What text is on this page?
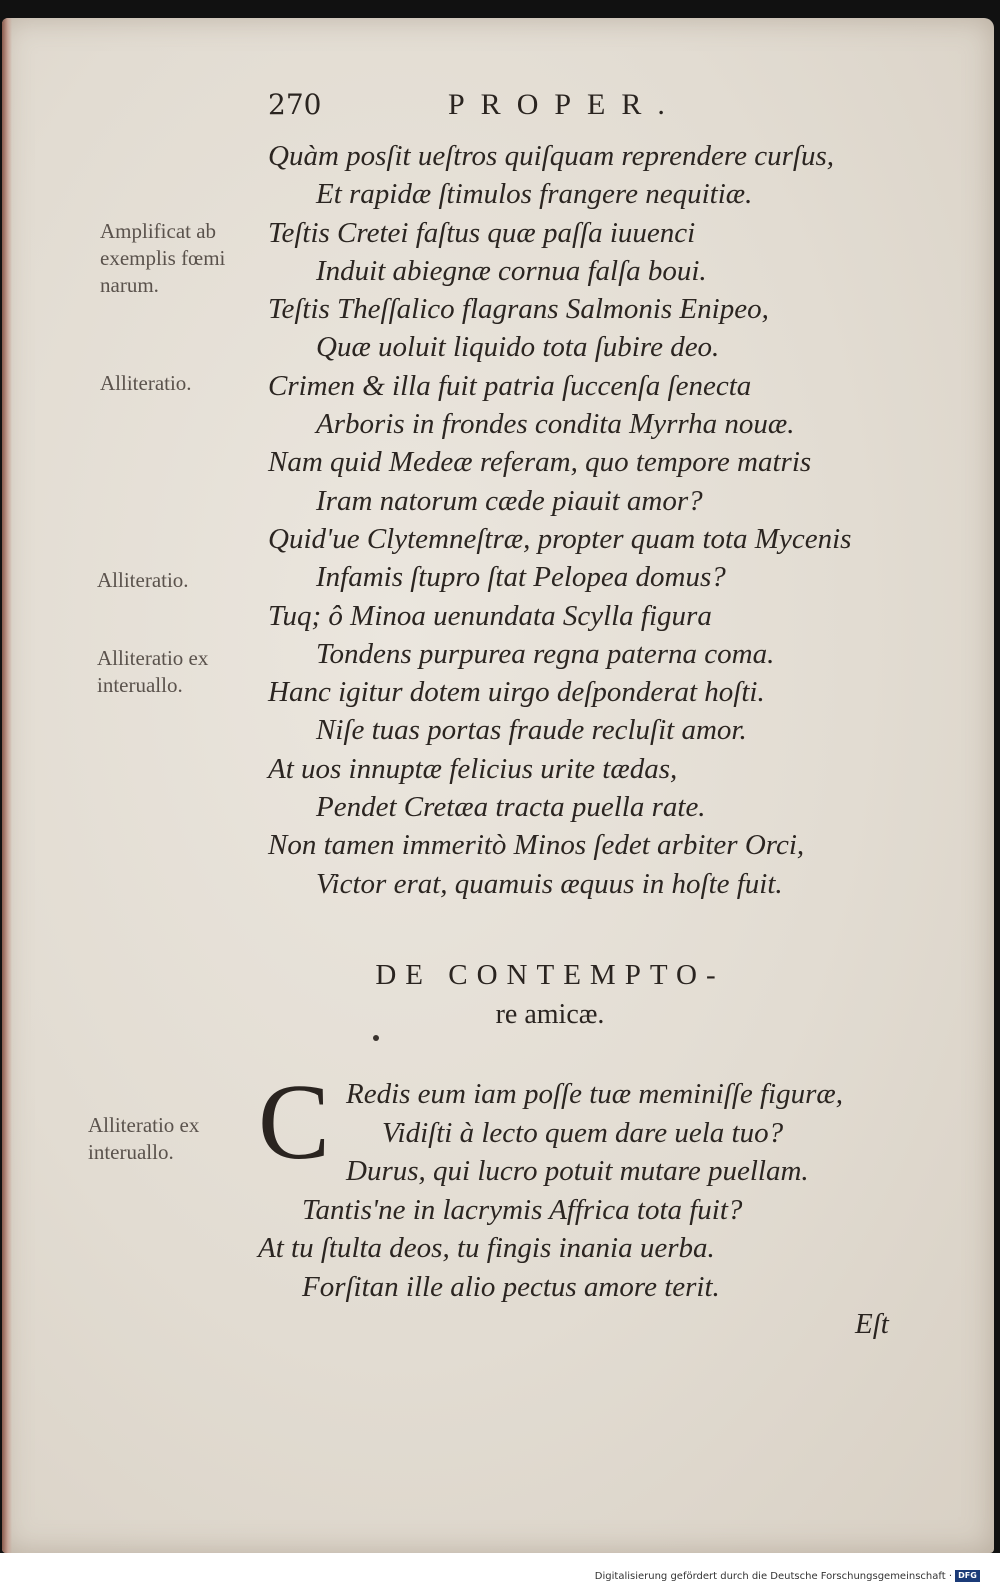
270	PROPER.
Amplificat ab exemplis fœmi narum.
Alliteratio.
Alliteratio.
Alliteratio ex interuallo.
Alliteratio ex interuallo.
Quàm posſit ueſtros quiſquam reprendere curſus,
Et rapidæ ſtimulos frangere nequitiæ.
Teſtis Cretei faſtus quæ paſſa iuuenci
Induit abiegnæ cornua falſa boui.
Teſtis Theſſalico flagrans Salmonis Enipeo,
Quæ uoluit liquido tota ſubire deo.
Crimen & illa fuit patria ſuccenſa ſenecta
Arboris in frondes condita Myrrha nouæ.
Nam quid Medeæ referam, quo tempore matris
Iram natorum cæde piauit amor?
Quid'ue Clytemneſtræ, propter quam tota Mycenis
Infamis ſtupro ſtat Pelopea domus?
Tuq; ô Minoa uenundata Scylla figura
Tondens purpurea regna paterna coma.
Hanc igitur dotem uirgo deſponderat hoſti.
Niſe tuas portas fraude recluſit amor.
At uos innuptæ felicius urite tædas,
Pendet Cretæa tracta puella rate.
Non tamen immeritò Minos ſedet arbiter Orci,
Victor erat, quamuis æquus in hoſte fuit.
DE CONTEMPTO-
re amicæ.
C Redis eum iam poſſe tuæ meminiſſe figuræ,
Vidiſti à lecto quem dare uela tuo?
Durus, qui lucro potuit mutare puellam.
Tantis'ne in lacrymis Affrica tota fuit?
At tu ſtulta deos, tu fingis inania uerba.
Forſitan ille alio pectus amore terit.
Eſt
Digitalisierung gefördert durch die Deutsche Forschungsgemeinschaft · DFG
